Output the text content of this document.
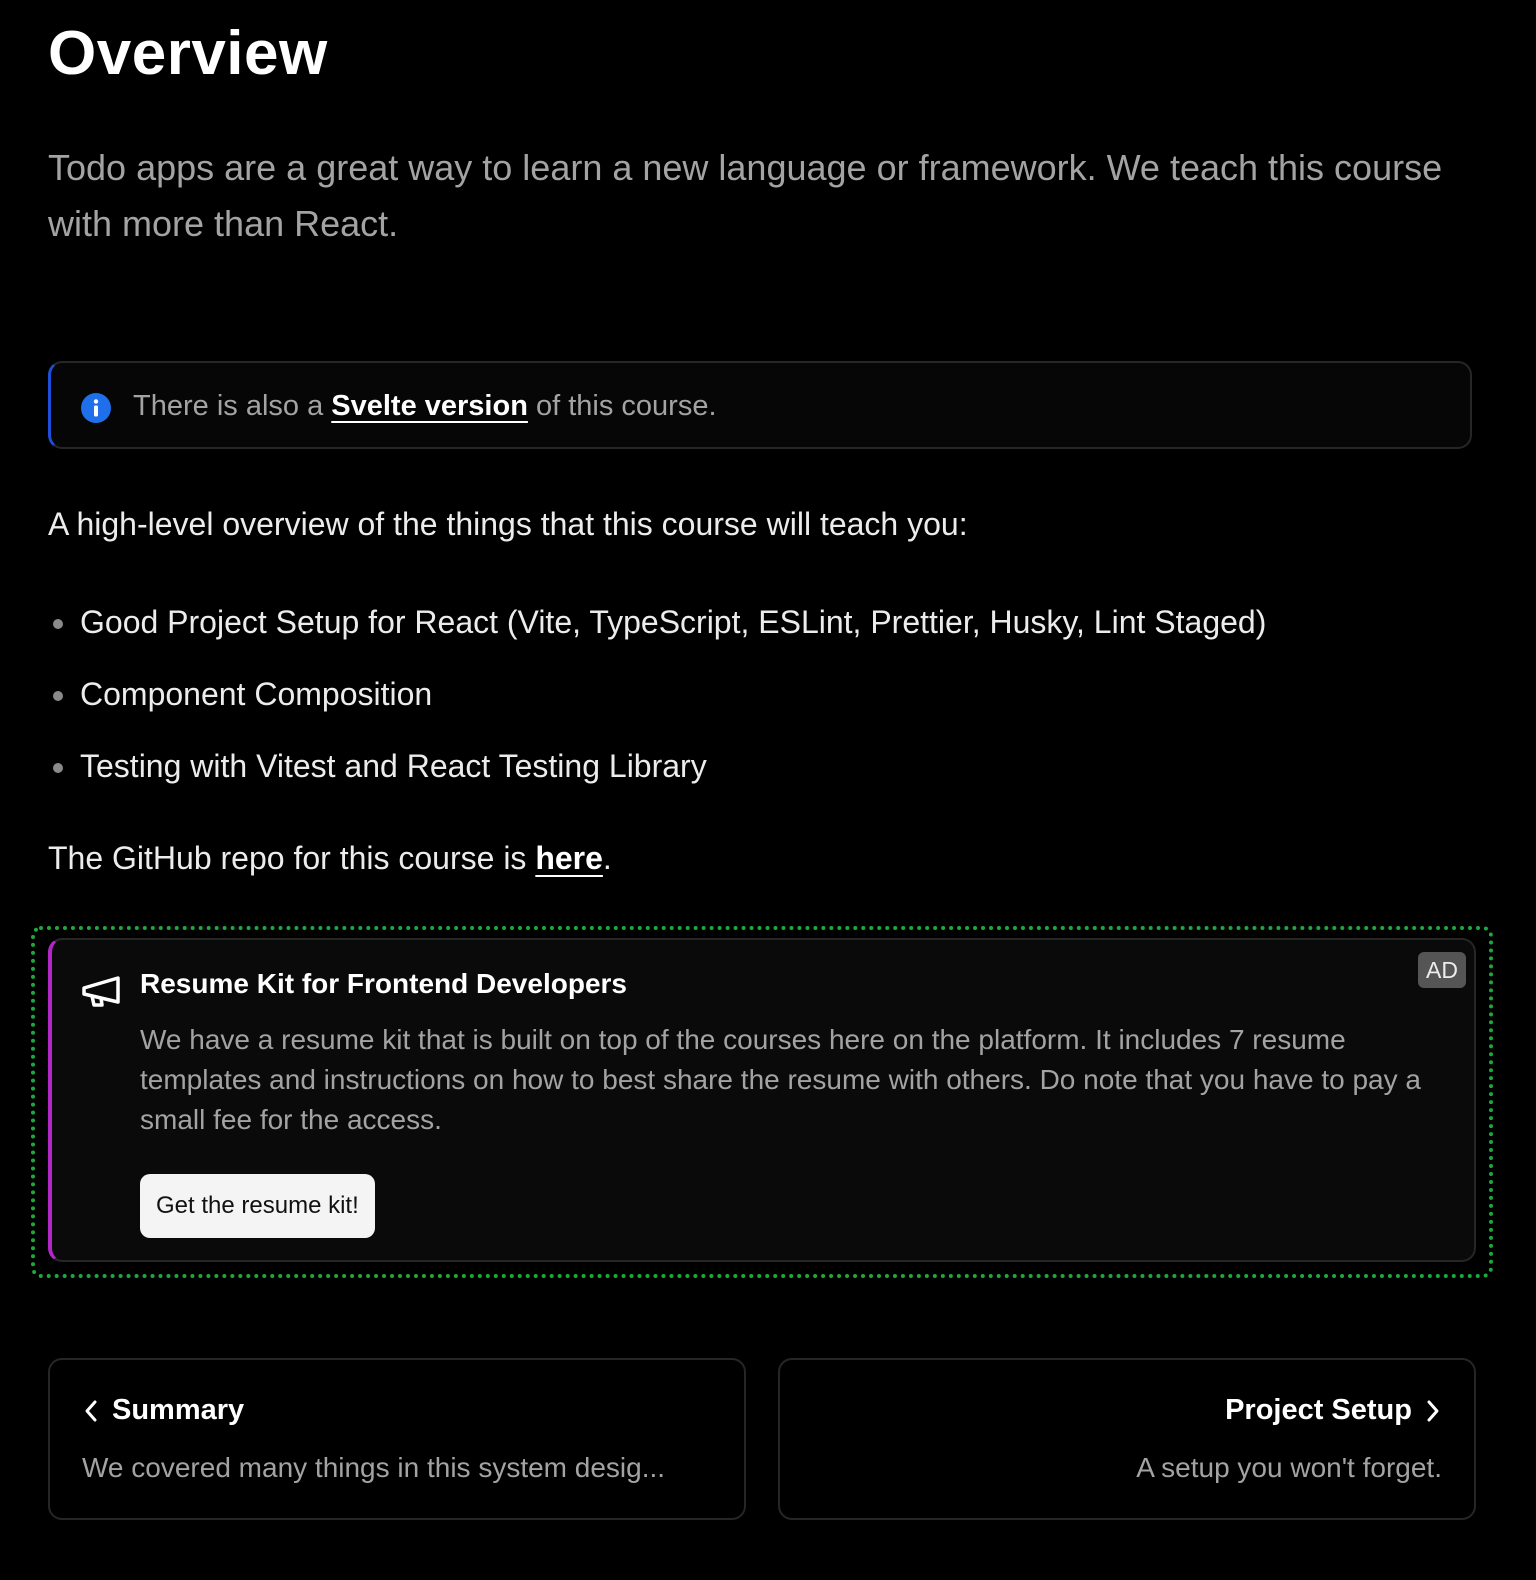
Overview

Todo apps are a great way to learn a new language or framework. We teach this course with more than React.

There is also a Svelte version of this course.

A high-level overview of the things that this course will teach you:

Good Project Setup for React (Vite, TypeScript, ESLint, Prettier, Husky, Lint Staged)
Component Composition
Testing with Vitest and React Testing Library

The GitHub repo for this course is here.

Resume Kit for Frontend Developers

We have a resume kit that is built on top of the courses here on the platform. It includes 7 resume templates and instructions on how to best share the resume with others. Do note that you have to pay a small fee for the access.

Get the resume kit!
AD
Summary
We covered many things in this system desig...
Project Setup
A setup you won't forget.
